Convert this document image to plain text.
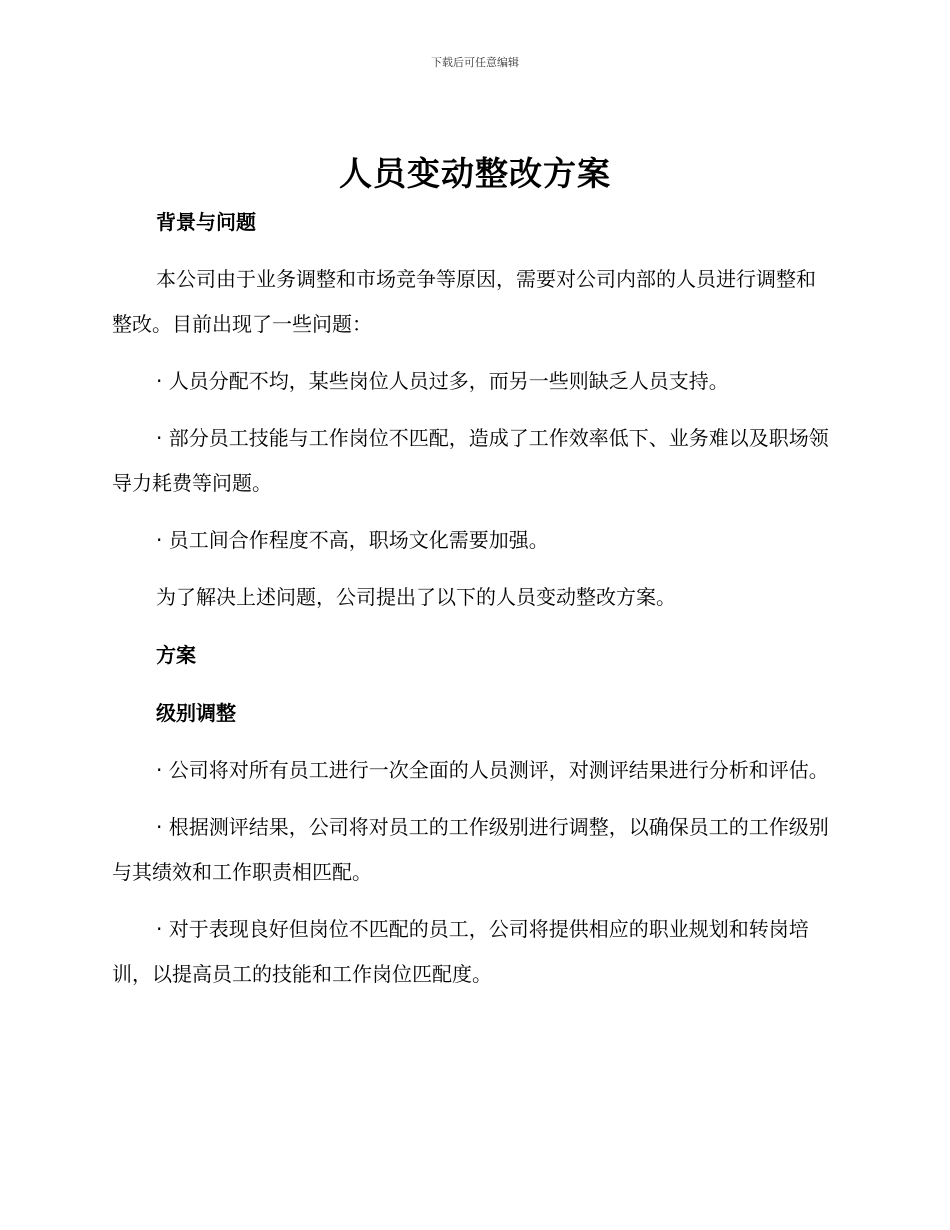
下载后可任意编辑
人员变动整改方案

背景与问题

本公司由于业务调整和市场竞争等原因，需要对公司内部的人员进行调整和整改。目前出现了一些问题：

· 人员分配不均，某些岗位人员过多，而另一些则缺乏人员支持。

· 部分员工技能与工作岗位不匹配，造成了工作效率低下、业务难以及职场领导力耗费等问题。

· 员工间合作程度不高，职场文化需要加强。

为了解决上述问题，公司提出了以下的人员变动整改方案。

方案

级别调整

· 公司将对所有员工进行一次全面的人员测评，对测评结果进行分析和评估。

· 根据测评结果，公司将对员工的工作级别进行调整，以确保员工的工作级别与其绩效和工作职责相匹配。

· 对于表现良好但岗位不匹配的员工，公司将提供相应的职业规划和转岗培训，以提高员工的技能和工作岗位匹配度。
